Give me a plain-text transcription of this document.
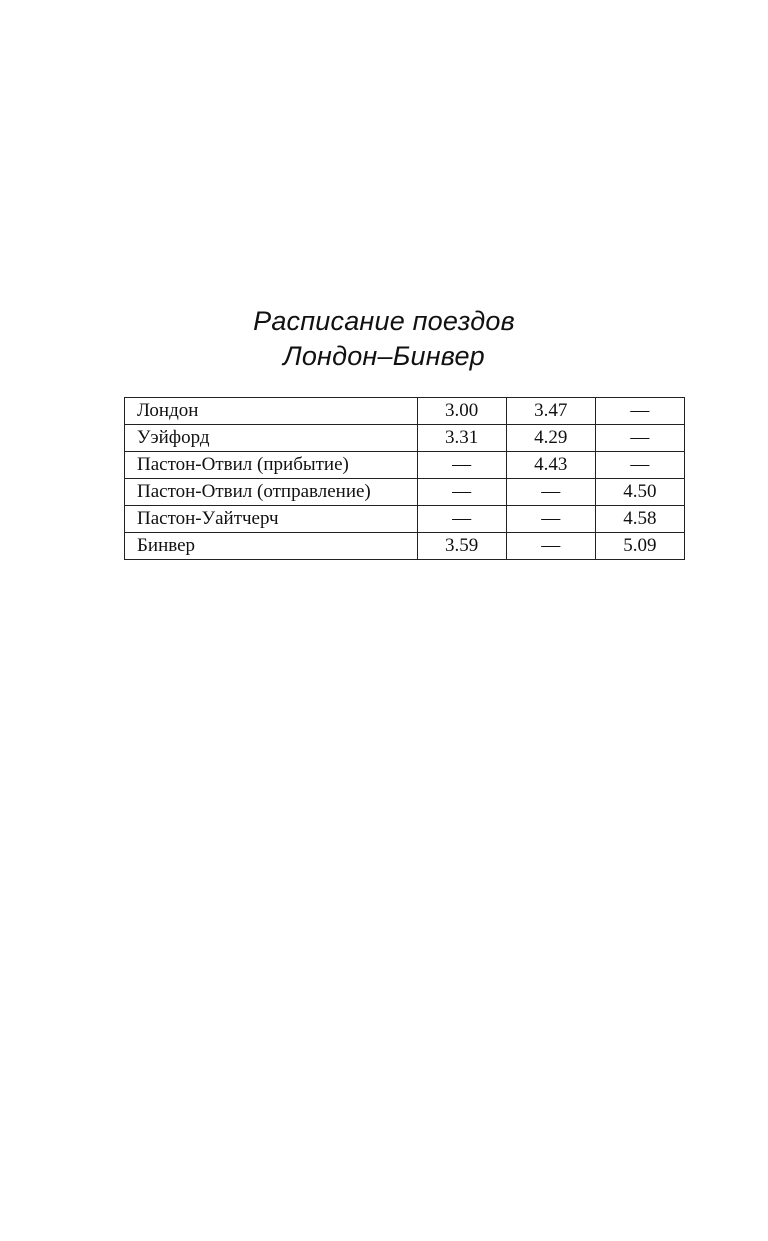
Расписание поездов
Лондон–Бинвер
Лондон	3.00	3.47	—
Уэйфорд	3.31	4.29	—
Пастон-Отвил (прибытие)	—	4.43	—
Пастон-Отвил (отправление)	—	—	4.50
Пастон-Уайтчерч	—	—	4.58
Бинвер	3.59	—	5.09
